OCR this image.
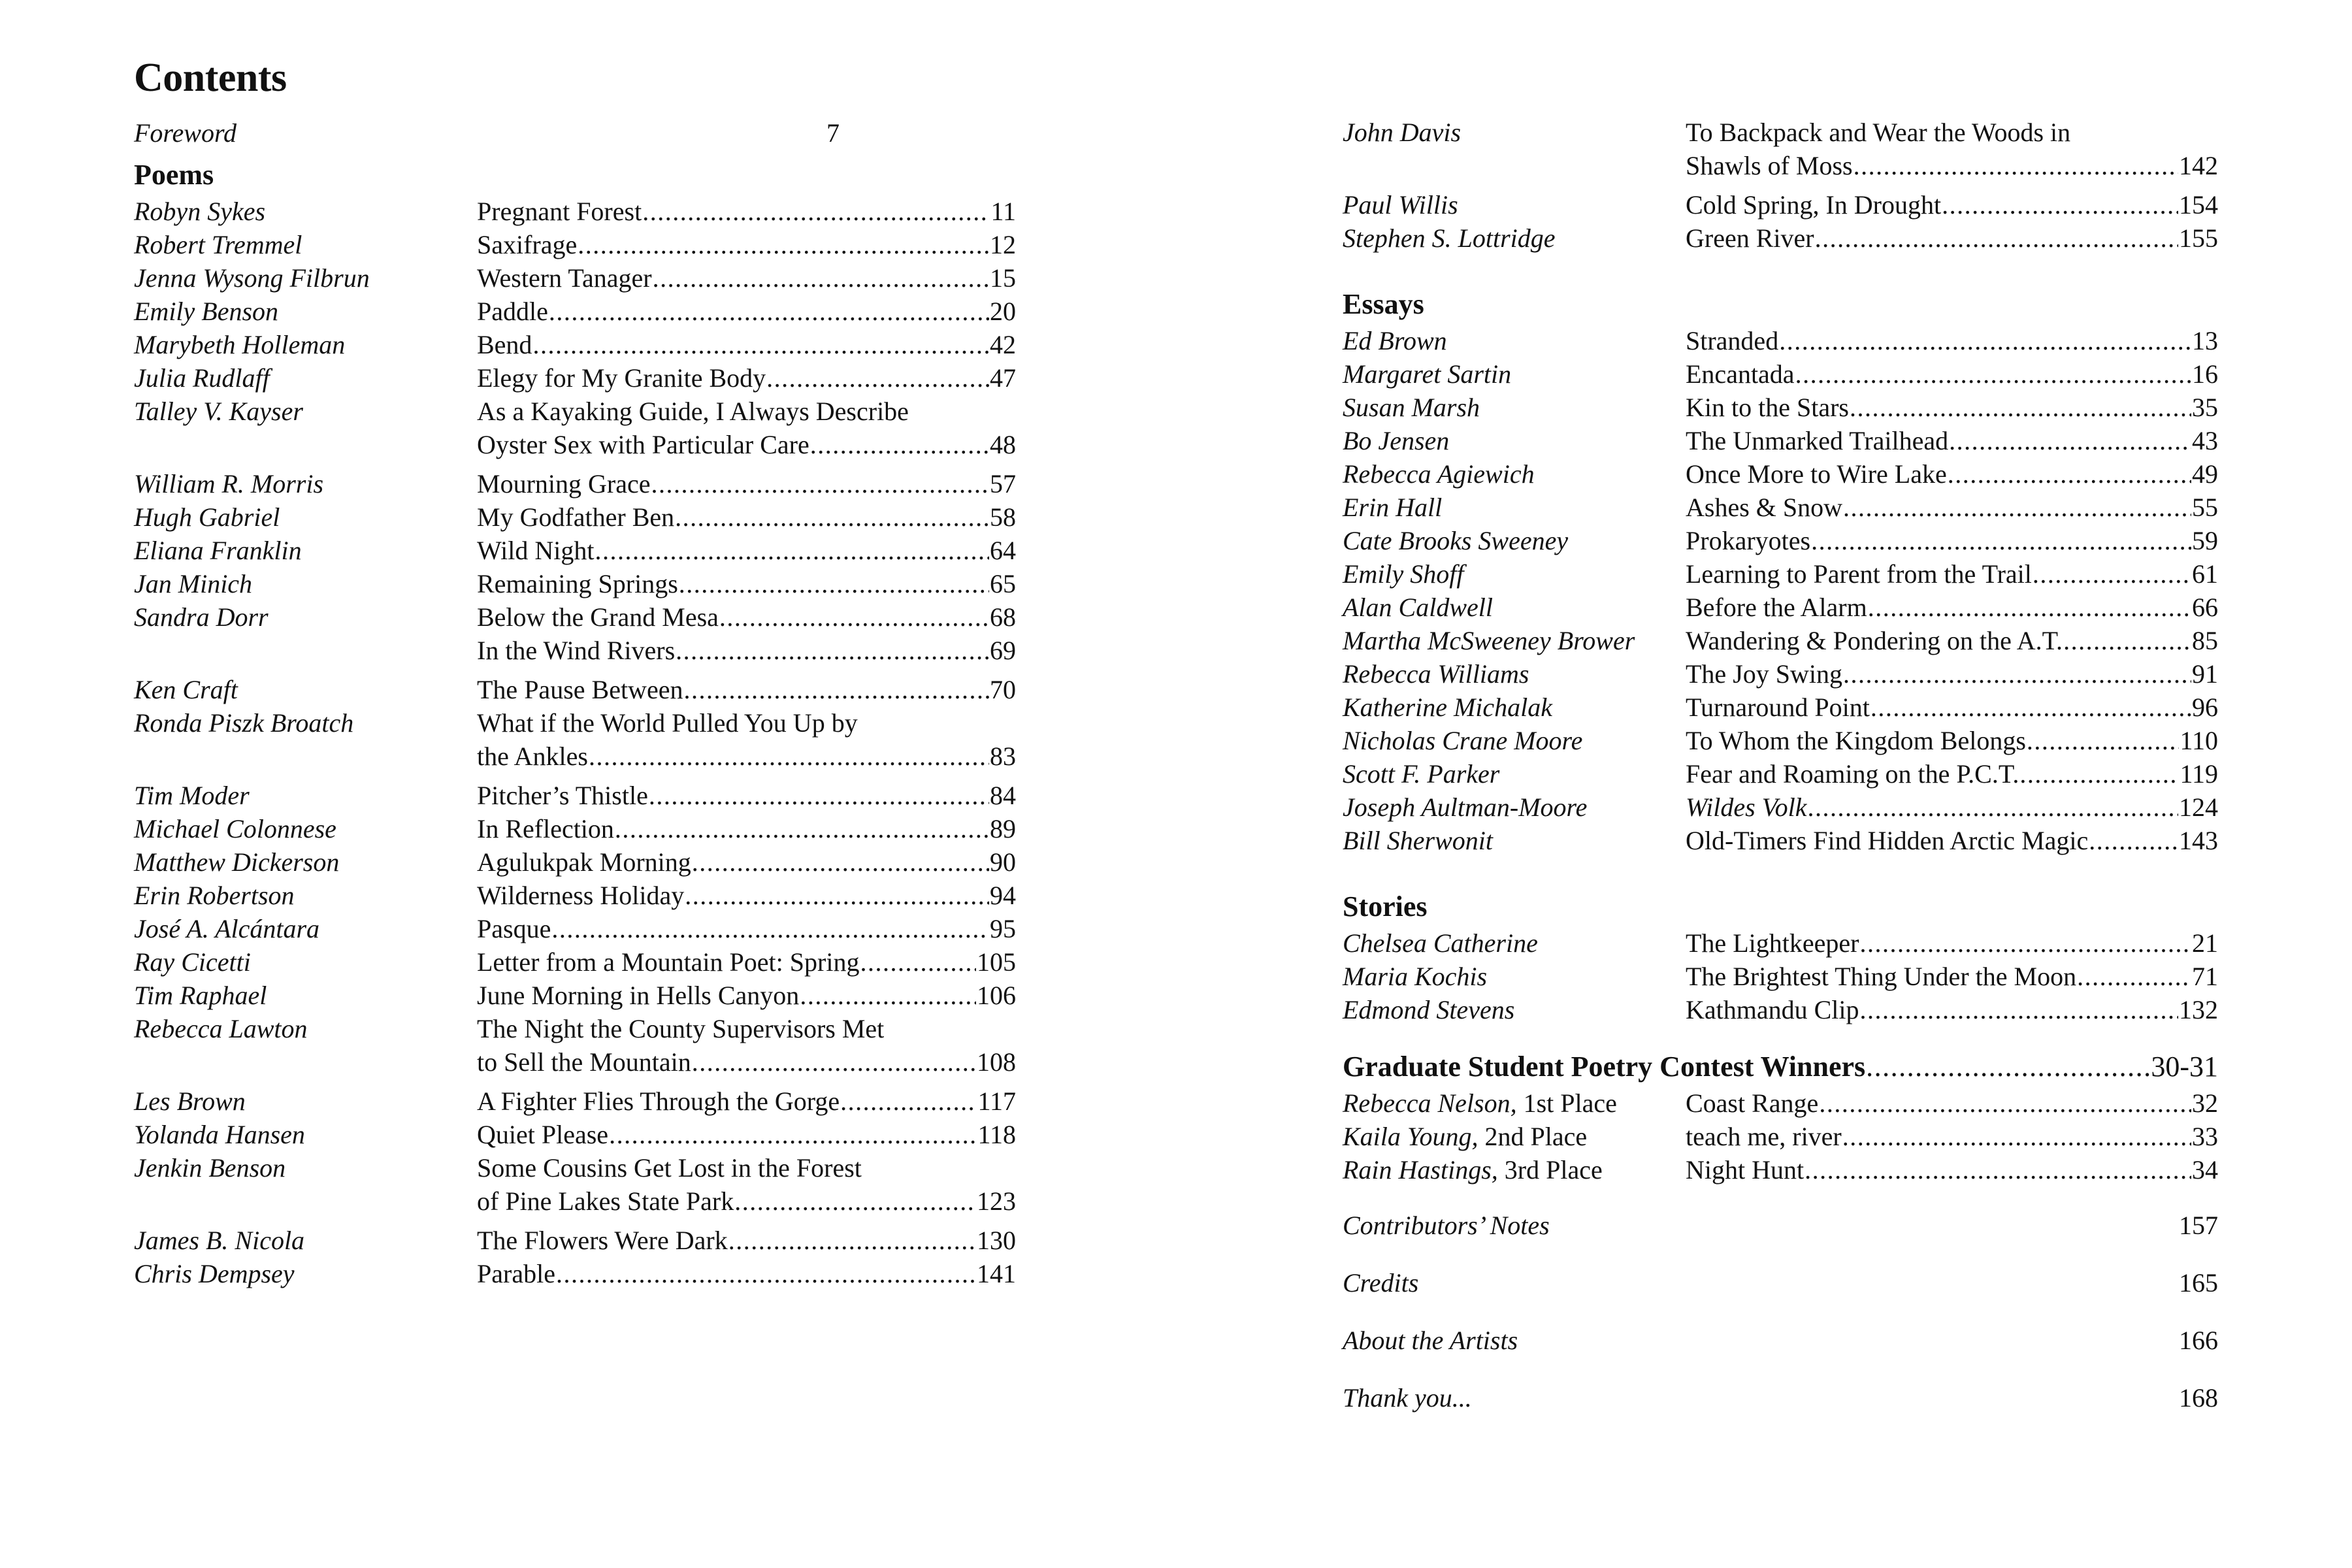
Contents
Foreword	7
Poems
Robyn Sykes	Pregnant Forest .....	11
Robert Tremmel	Saxifrage .....	12
Jenna Wysong Filbrun	Western Tanager .....	15
Emily Benson	Paddle .....	20
Marybeth Holleman	Bend .....	42
Julia Rudlaff	Elegy for My Granite Body .....	47
Talley V. Kayser	As a Kayaking Guide, I Always Describe
Oyster Sex with Particular Care .....	48
William R. Morris	Mourning Grace .....	57
Hugh Gabriel	My Godfather Ben .....	58
Eliana Franklin	Wild Night .....	64
Jan Minich	Remaining Springs .....	65
Sandra Dorr	Below the Grand Mesa .....	68
In the Wind Rivers .....	69
Ken Craft	The Pause Between .....	70
Ronda Piszk Broatch	What if the World Pulled You Up by
the Ankles .....	83
Tim Moder	Pitcher’s Thistle .....	84
Michael Colonnese	In Reflection .....	89
Matthew Dickerson	Agulukpak Morning .....	90
Erin Robertson	Wilderness Holiday .....	94
José A. Alcántara	Pasque .....	95
Ray Cicetti	Letter from a Mountain Poet: Spring .....	105
Tim Raphael	June Morning in Hells Canyon .....	106
Rebecca Lawton	The Night the County Supervisors Met
to Sell the Mountain .....	108
Les Brown	A Fighter Flies Through the Gorge .....	117
Yolanda Hansen	Quiet Please .....	118
Jenkin Benson	Some Cousins Get Lost in the Forest
of Pine Lakes State Park .....	123
James B. Nicola	The Flowers Were Dark .....	130
Chris Dempsey	Parable .....	141
John Davis	To Backpack and Wear the Woods in
Shawls of Moss .....	142
Paul Willis	Cold Spring, In Drought .....	154
Stephen S. Lottridge	Green River .....	155
Essays
Ed Brown	Stranded .....	13
Margaret Sartin	Encantada .....	16
Susan Marsh	Kin to the Stars .....	35
Bo Jensen	The Unmarked Trailhead .....	43
Rebecca Agiewich	Once More to Wire Lake .....	49
Erin Hall	Ashes & Snow .....	55
Cate Brooks Sweeney	Prokaryotes .....	59
Emily Shoff	Learning to Parent from the Trail .....	61
Alan Caldwell	Before the Alarm .....	66
Martha McSweeney Brower	Wandering & Pondering on the A.T. .....	85
Rebecca Williams	The Joy Swing .....	91
Katherine Michalak	Turnaround Point .....	96
Nicholas Crane Moore	To Whom the Kingdom Belongs .....	110
Scott F. Parker	Fear and Roaming on the P.C.T. .....	119
Joseph Aultman-Moore	Wildes Volk .....	124
Bill Sherwonit	Old-Timers Find Hidden Arctic Magic .....	143
Stories
Chelsea Catherine	The Lightkeeper .....	21
Maria Kochis	The Brightest Thing Under the Moon .....	71
Edmond Stevens	Kathmandu Clip .....	132
Graduate Student Poetry Contest Winners .....	30-31
Rebecca Nelson, 1st Place	Coast Range .....	32
Kaila Young, 2nd Place	teach me, river .....	33
Rain Hastings, 3rd Place	Night Hunt .....	34
Contributors’ Notes	157
Credits	165
About the Artists	166
Thank you...	168
